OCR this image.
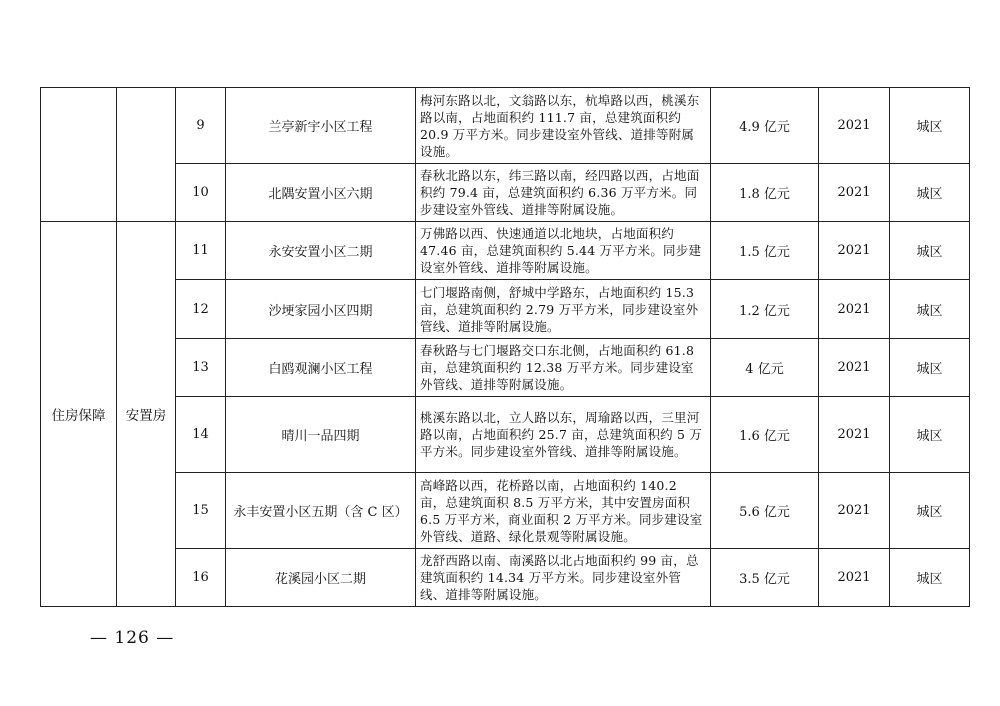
		9	兰亭新宇小区工程	梅河东路以北，文翁路以东，杭埠路以西，桃溪东路以南，占地面积约 111.7 亩，总建筑面积约 20.9 万平方米。同步建设室外管线、道排等附属设施。	4.9 亿元	2021	城区
		10	北隅安置小区六期	春秋北路以东，纬三路以南，经四路以西，占地面积约 79.4 亩，总建筑面积约 6.36 万平方米。同步建设室外管线、道排等附属设施。	1.8 亿元	2021	城区
住房保障	安置房	11	永安安置小区二期	万佛路以西、快速通道以北地块，占地面积约 47.46 亩，总建筑面积约 5.44 万平方米。同步建设室外管线、道排等附属设施。	1.5 亿元	2021	城区
		12	沙埂家园小区四期	七门堰路南侧，舒城中学路东，占地面积约 15.3 亩，总建筑面积约 2.79 万平方米，同步建设室外管线、道排等附属设施。	1.2 亿元	2021	城区
		13	白鸥观澜小区工程	春秋路与七门堰路交口东北侧，占地面积约 61.8 亩，总建筑面积约 12.38 万平方米。同步建设室外管线、道排等附属设施。	4 亿元	2021	城区
		14	晴川一品四期	桃溪东路以北，立人路以东，周瑜路以西，三里河路以南，占地面积约 25.7 亩，总建筑面积约 5 万平方米。同步建设室外管线、道排等附属设施。	1.6 亿元	2021	城区
		15	永丰安置小区五期（含 C 区）	高峰路以西，花桥路以南，占地面积约 140.2 亩，总建筑面积 8.5 万平方米，其中安置房面积 6.5 万平方米，商业面积 2 万平方米。同步建设室外管线、道路、绿化景观等附属设施。	5.6 亿元	2021	城区
		16	花溪园小区二期	龙舒西路以南、南溪路以北占地面积约 99 亩，总建筑面积约 14.34 万平方米。同步建设室外管线、道排等附属设施。	3.5 亿元	2021	城区
— 126 —
